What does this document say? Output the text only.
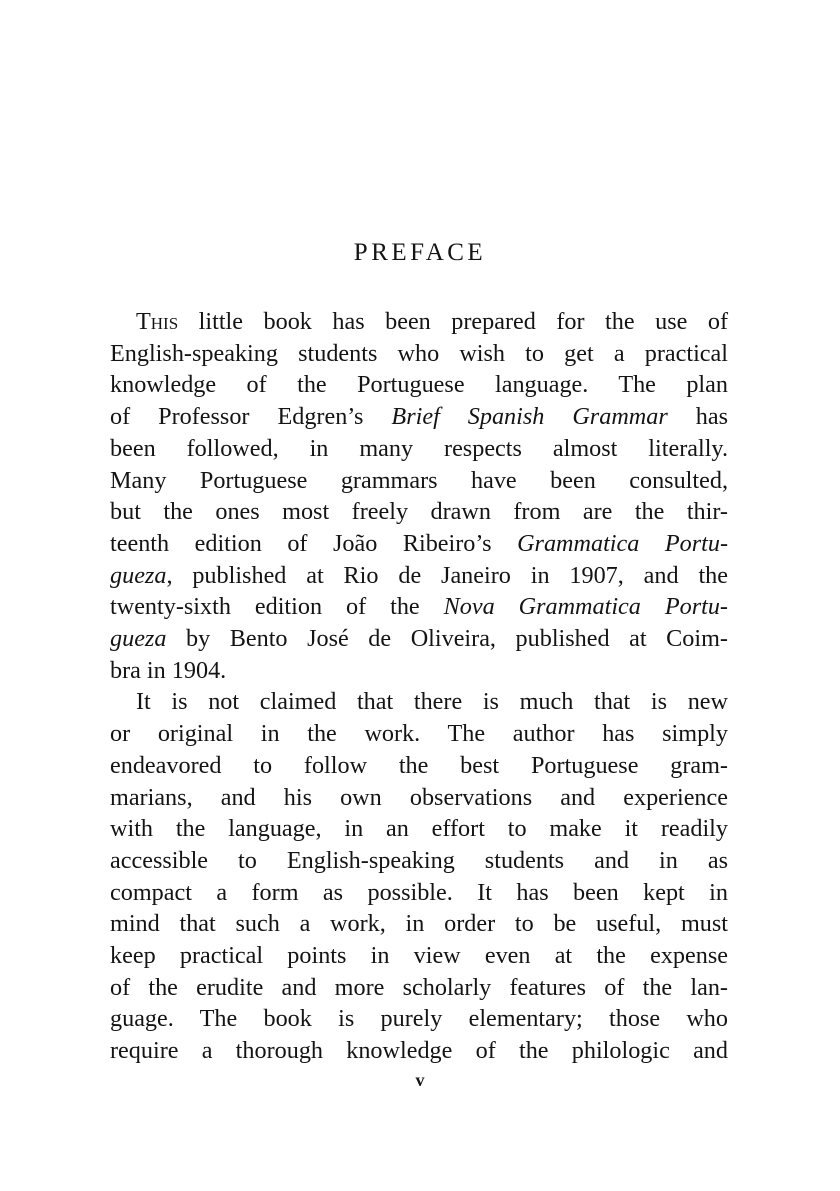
PREFACE
This little book has been prepared for the use of
English-speaking students who wish to get a practical
knowledge of the Portuguese language. The plan
of Professor Edgren’s Brief Spanish Grammar has
been followed, in many respects almost literally.
Many Portuguese grammars have been consulted,
but the ones most freely drawn from are the thir-
teenth edition of João Ribeiro’s Grammatica Portu-
gueza, published at Rio de Janeiro in 1907, and the
twenty-sixth edition of the Nova Grammatica Portu-
gueza by Bento José de Oliveira, published at Coim-
bra in 1904.
It is not claimed that there is much that is new
or original in the work. The author has simply
endeavored to follow the best Portuguese gram-
marians, and his own observations and experience
with the language, in an effort to make it readily
accessible to English-speaking students and in as
compact a form as possible. It has been kept in
mind that such a work, in order to be useful, must
keep practical points in view even at the expense
of the erudite and more scholarly features of the lan-
guage. The book is purely elementary; those who
require a thorough knowledge of the philologic and
v
